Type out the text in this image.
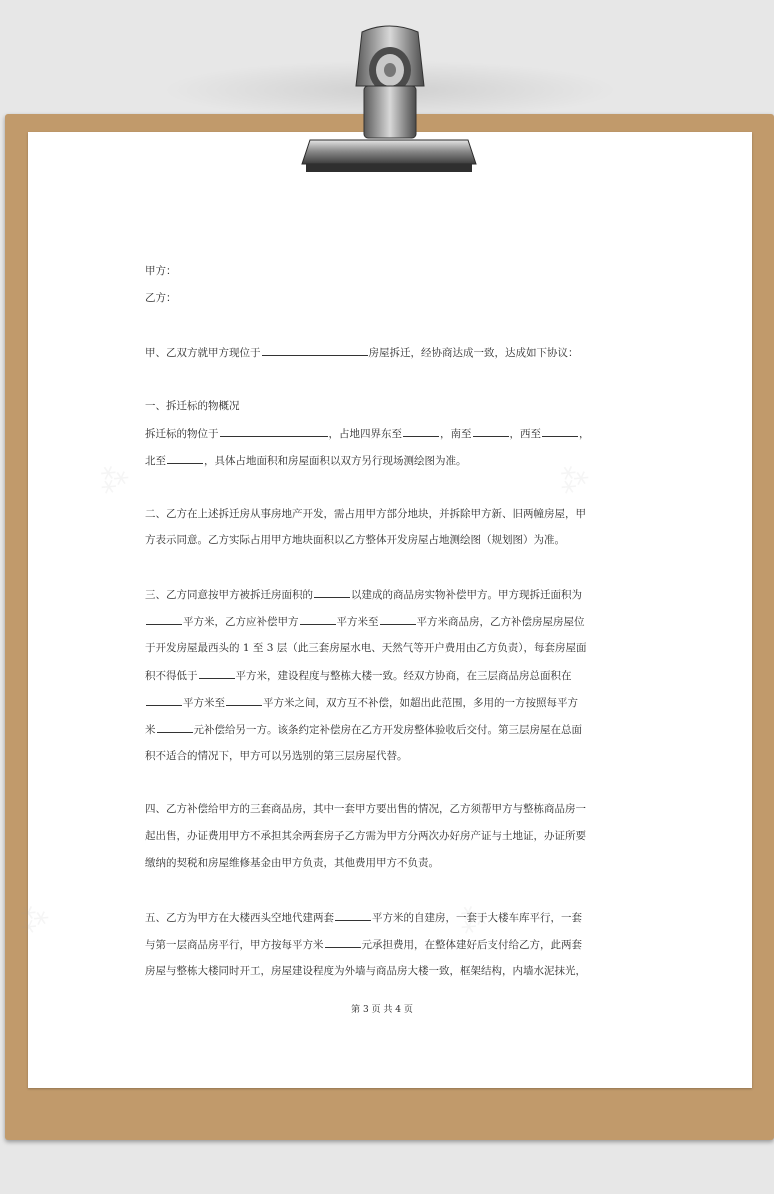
⁂	⁂
⁂	⁂
甲方：
乙方：
甲、乙双方就甲方现位于	房屋拆迁，经协商达成一致，达成如下协议：
一、拆迁标的物概况
拆迁标的物位于	，占地四界东至	，南至	，西至	，
北至	，具体占地面积和房屋面积以双方另行现场测绘图为准。
二、乙方在上述拆迁房从事房地产开发，需占用甲方部分地块，并拆除甲方新、旧两幢房屋，甲
方表示同意。乙方实际占用甲方地块面积以乙方整体开发房屋占地测绘图（规划图）为准。
三、乙方同意按甲方被拆迁房面积的	以建成的商品房实物补偿甲方。甲方现拆迁面积为
平方米，乙方应补偿甲方	平方米至	平方米商品房，乙方补偿房屋房屋位
于开发房屋最西头的 1 至 3 层（此三套房屋水电、天然气等开户费用由乙方负责），每套房屋面
积不得低于	平方米，建设程度与整栋大楼一致。经双方协商，在三层商品房总面积在
平方米至	平方米之间，双方互不补偿，如超出此范围，多用的一方按照每平方
米	元补偿给另一方。该条约定补偿房在乙方开发房整体验收后交付。第三层房屋在总面
积不适合的情况下，甲方可以另选别的第三层房屋代替。
四、乙方补偿给甲方的三套商品房，其中一套甲方要出售的情况，乙方须帮甲方与整栋商品房一
起出售，办证费用甲方不承担其余两套房子乙方需为甲方分两次办好房产证与土地证，办证所要
缴纳的契税和房屋维修基金由甲方负责，其他费用甲方不负责。
五、乙方为甲方在大楼西头空地代建两套	平方米的自建房，一套于大楼车库平行，一套
与第一层商品房平行，甲方按每平方米	元承担费用，在整体建好后支付给乙方，此两套
房屋与整栋大楼同时开工，房屋建设程度为外墙与商品房大楼一致，框架结构，内墙水泥抹光，
第 3 页 共 4 页
